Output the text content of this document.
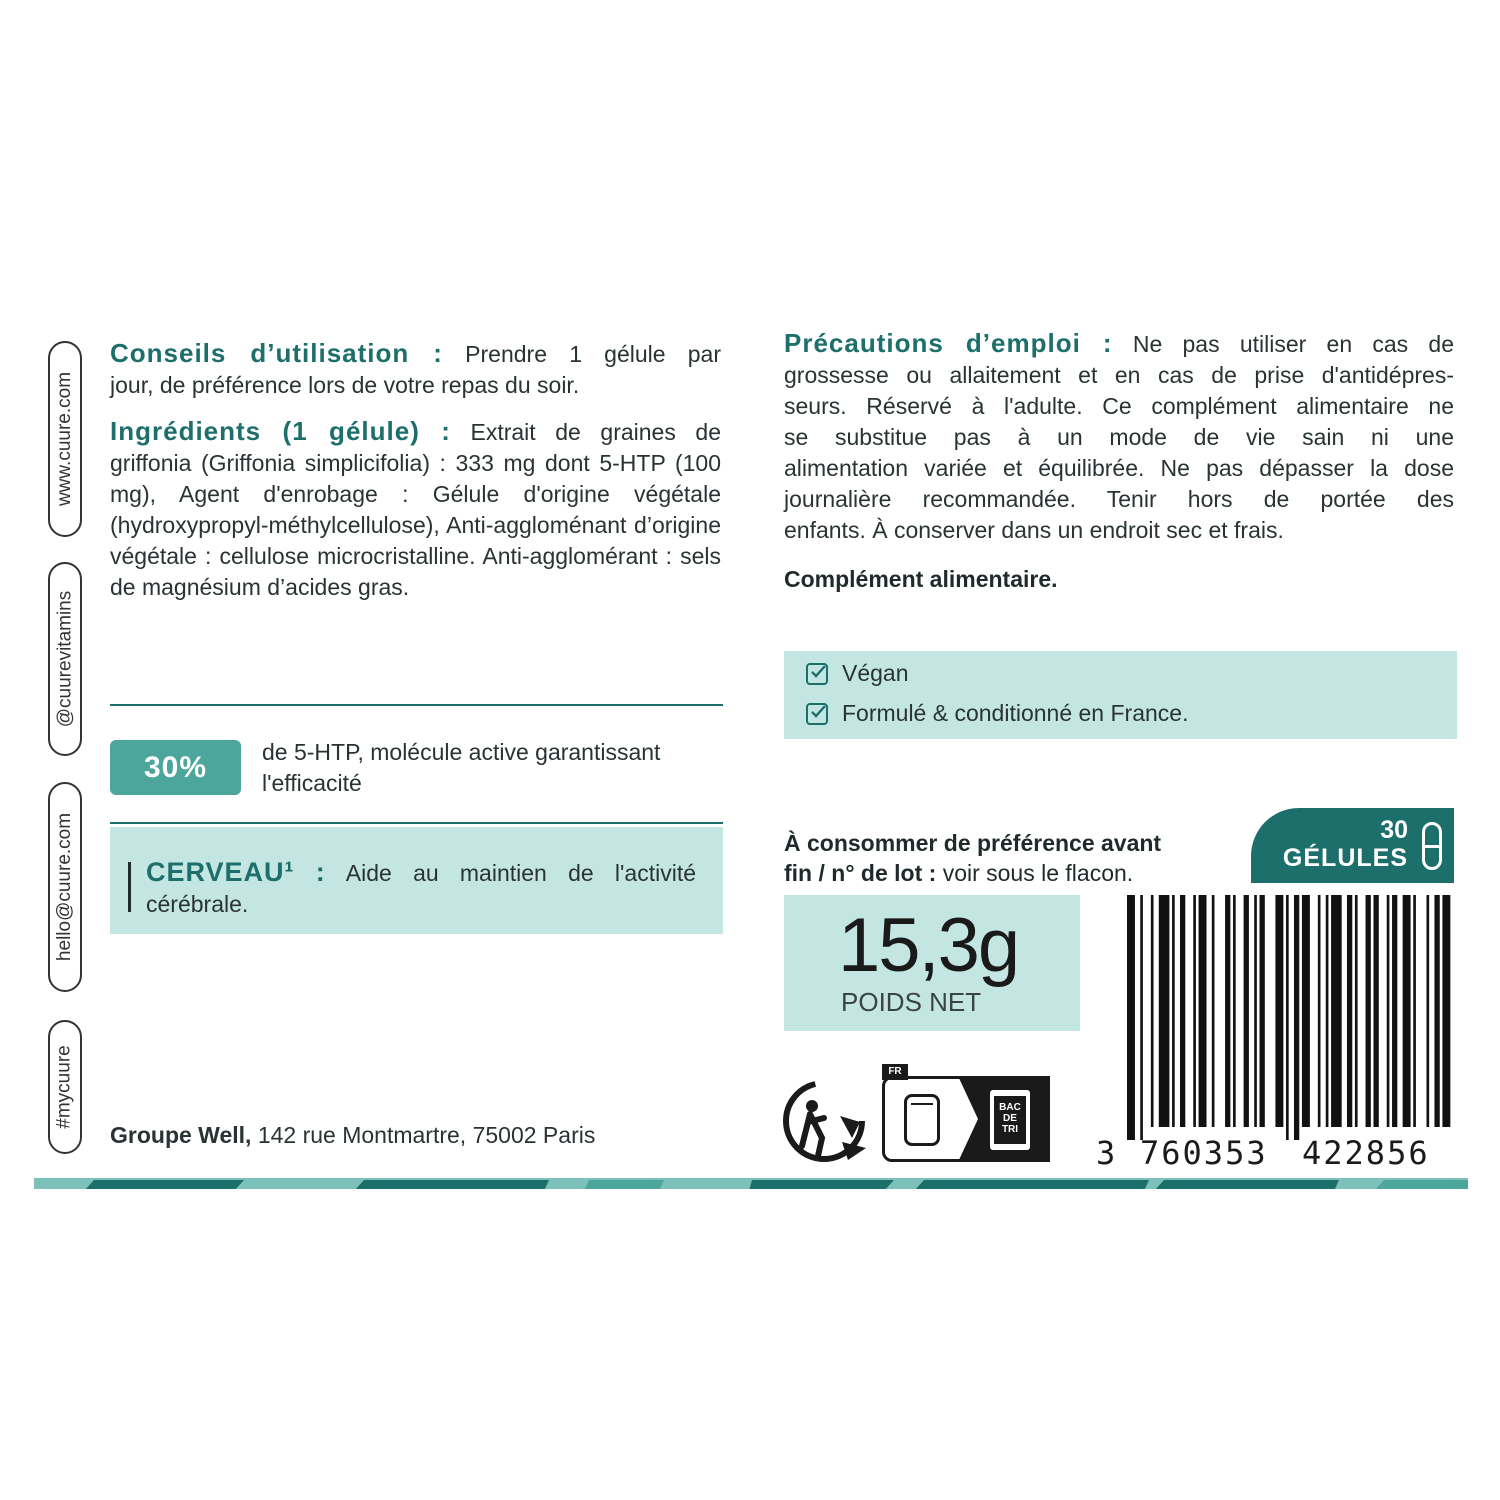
www.cuure.com
@cuurevitamins
hello@cuure.com
#mycuure
Conseils d’utilisation : Prendre 1 gélule par
jour, de préférence lors de votre repas du soir.
Ingrédients (1 gélule) : Extrait de graines de
griffonia (Griffonia simplicifolia) : 333 mg dont 5-HTP (100 mg), Agent d'enrobage : Gélule d'origine végétale (hydroxypropyl-méthylcellulose), Anti-aggloménant d’origine végétale : cellulose microcristalline. Anti-agglomérant : sels de magnésium d’acides gras.
30%	de 5-HTP, molécule active garantissant
l'efficacité
CERVEAU¹ : Aide au maintien de l'activité
cérébrale.
Groupe Well, 142 rue Montmartre, 75002 Paris
Précautions d’emploi : Ne pas utiliser en cas de
grossesse ou allaitement et en cas de prise d'antidépres-
seurs. Réservé à l'adulte. Ce complément alimentaire ne
se substitue pas à un mode de vie sain ni une
alimentation variée et équilibrée. Ne pas dépasser la dose
journalière recommandée. Tenir hors de portée des
enfants. À conserver dans un endroit sec et frais.
Complément alimentaire.
Végan
Formulé & conditionné en France.
À consommer de préférence avant
fin / n° de lot : voir sous le flacon.
30
GÉLULES
15,3g
POIDS NET
FR
BAC
DE
TRI
3 760353 422856
